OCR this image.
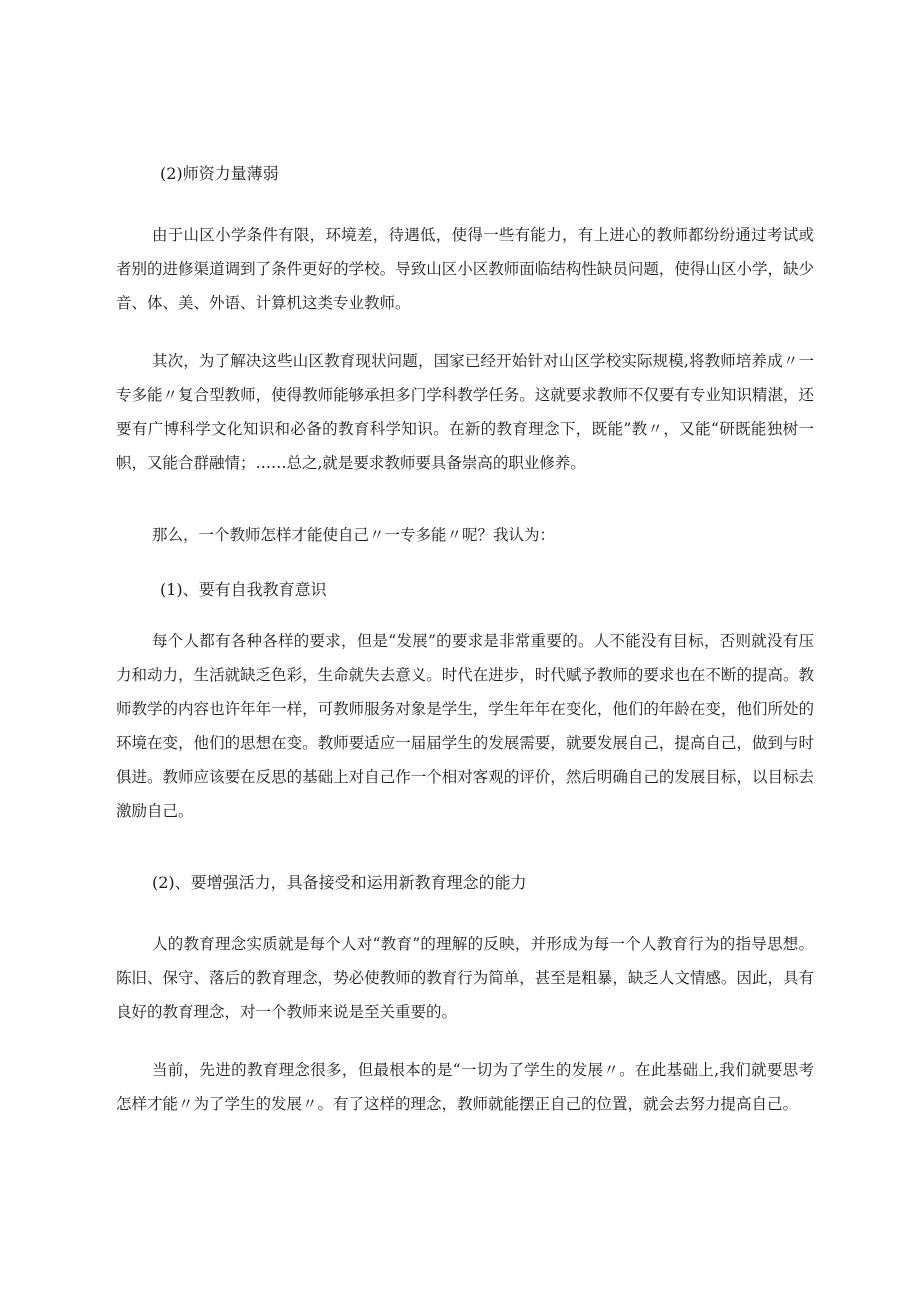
(2)师资力量薄弱
由于山区小学条件有限，环境差，待遇低，使得一些有能力，有上进心的教师都纷纷通过考试或者别的进修渠道调到了条件更好的学校。导致山区小区教师面临结构性缺员问题，使得山区小学，缺少音、体、美、外语、计算机这类专业教师。
其次，为了解决这些山区教育现状问题，国家已经开始针对山区学校实际规模,将教师培养成〃一专多能〃复合型教师，使得教师能够承担多门学科教学任务。这就要求教师不仅要有专业知识精湛，还要有广博科学文化知识和必备的教育科学知识。在新的教育理念下，既能”教〃，又能“研既能独树一帜，又能合群融情；……总之,就是要求教师要具备崇高的职业修养。
那么，一个教师怎样才能使自己〃一专多能〃呢？我认为：
(1)、要有自我教育意识
每个人都有各种各样的要求，但是“发展”的要求是非常重要的。人不能没有目标，否则就没有压力和动力，生活就缺乏色彩，生命就失去意义。时代在进步，时代赋予教师的要求也在不断的提高。教师教学的内容也许年年一样，可教师服务对象是学生，学生年年在变化，他们的年龄在变，他们所处的环境在变，他们的思想在变。教师要适应一届届学生的发展需要，就要发展自己，提高自己，做到与时俱进。教师应该要在反思的基础上对自己作一个相对客观的评价，然后明确自己的发展目标，以目标去激励自己。
(2)、要增强活力，具备接受和运用新教育理念的能力
人的教育理念实质就是每个人对“教育”的理解的反映，并形成为每一个人教育行为的指导思想。陈旧、保守、落后的教育理念，势必使教师的教育行为简单，甚至是粗暴，缺乏人文情感。因此，具有良好的教育理念，对一个教师来说是至关重要的。
当前，先进的教育理念很多，但最根本的是“一切为了学生的发展〃。在此基础上,我们就要思考怎样才能〃为了学生的发展〃。有了这样的理念，教师就能摆正自己的位置，就会去努力提高自己。
